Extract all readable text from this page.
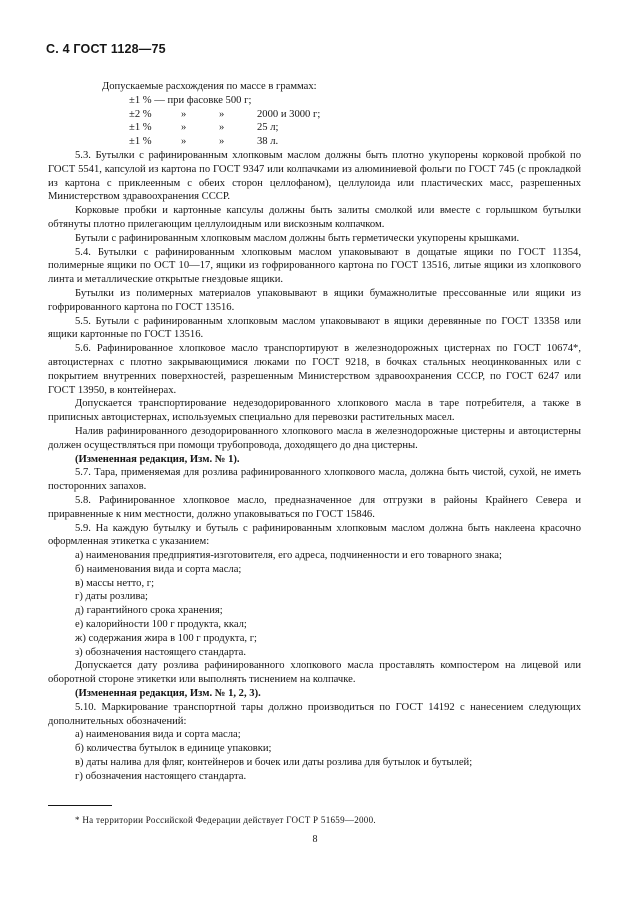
С. 4 ГОСТ 1128—75

Допускаемые расхождения по массе в граммах:

±1 % — при фасовке 500 г;

±2 %	»	»	2000 и 3000 г;

±1 %	»	»	25 л;

±1 %	»	»	38 л.

5.3. Бутылки с рафинированным хлопковым маслом должны быть плотно укупорены корковой пробкой по ГОСТ 5541, капсулой из картона по ГОСТ 9347 или колпачками из алюминиевой фольги по ГОСТ 745 (с прокладкой из картона с приклеенным с обеих сторон целлофаном), целлулоида или пластических масс, разрешенных Министерством здравоохранения СССР.

Корковые пробки и картонные капсулы должны быть залиты смолкой или вместе с горлышком бутылки обтянуты плотно прилегающим целлулоидным или вискозным колпачком.

Бутыли с рафинированным хлопковым маслом должны быть герметически укупорены крышками.

5.4. Бутылки с рафинированным хлопковым маслом упаковывают в дощатые ящики по ГОСТ 11354, полимерные ящики по ОСТ 10—17, ящики из гофрированного картона по ГОСТ 13516, литые ящики из хлопкового линта и металлические открытые гнездовые ящики.

Бутылки из полимерных материалов упаковывают в ящики бумажнолитые прессованные или ящики из гофрированного картона по ГОСТ 13516.

5.5. Бутыли с рафинированным хлопковым маслом упаковывают в ящики деревянные по ГОСТ 13358 или ящики картонные по ГОСТ 13516.

5.6. Рафинированное хлопковое масло транспортируют в железнодорожных цистернах по ГОСТ 10674*, автоцистернах с плотно закрывающимися люками по ГОСТ 9218, в бочках стальных неоцинкованных или с покрытием внутренних поверхностей, разрешенным Министерством здравоохранения СССР, по ГОСТ 6247 или ГОСТ 13950, в контейнерах.

Допускается транспортирование недезодорированного хлопкового масла в таре потребителя, а также в приписных автоцистернах, используемых специально для перевозки растительных масел.

Налив рафинированного дезодорированного хлопкового масла в железнодорожные цистерны и автоцистерны должен осуществляться при помощи трубопровода, доходящего до дна цистерны.

(Измененная редакция, Изм. № 1).

5.7. Тара, применяемая для розлива рафинированного хлопкового масла, должна быть чистой, сухой, не иметь посторонних запахов.

5.8. Рафинированное хлопковое масло, предназначенное для отгрузки в районы Крайнего Севера и приравненные к ним местности, должно упаковываться по ГОСТ 15846.

5.9. На каждую бутылку и бутыль с рафинированным хлопковым маслом должна быть наклеена красочно оформленная этикетка с указанием:

а) наименования предприятия-изготовителя, его адреса, подчиненности и его товарного знака;

б) наименования вида и сорта масла;

в) массы нетто, г;

г) даты розлива;

д) гарантийного срока хранения;

е) калорийности 100 г продукта, ккал;

ж) содержания жира в 100 г продукта, г;

з) обозначения настоящего стандарта.

Допускается дату розлива рафинированного хлопкового масла проставлять компостером на лицевой или оборотной стороне этикетки или выполнять тиснением на колпачке.

(Измененная редакция, Изм. № 1, 2, 3).

5.10. Маркирование транспортной тары должно производиться по ГОСТ 14192 с нанесением следующих дополнительных обозначений:

а) наименования вида и сорта масла;

б) количества бутылок в единице упаковки;

в) даты налива для фляг, контейнеров и бочек или даты розлива для бутылок и бутылей;

г) обозначения настоящего стандарта.

* На территории Российской Федерации действует ГОСТ Р 51659—2000.
8
